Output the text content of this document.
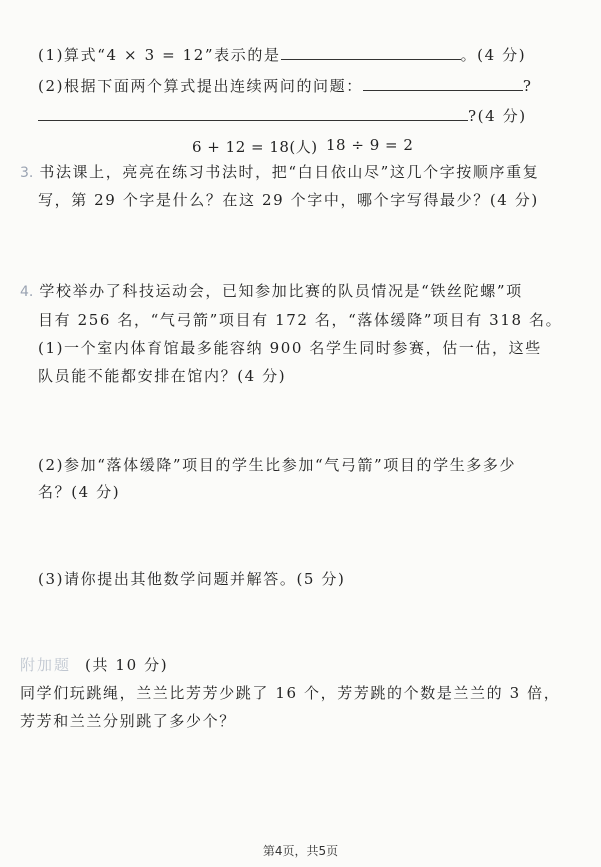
(1)算式“4 × 3 = 12”表示的是	。(4 分)
(2)根据下面两个算式提出连续两问的问题：	?
?(4 分)
6 + 12 = 18(人) 18 ÷ 9 = 2
3. 书法课上，亮亮在练习书法时，把“白日依山尽”这几个字按顺序重复
写，第 29 个字是什么？在这 29 个字中，哪个字写得最少？(4 分)
4. 学校举办了科技运动会，已知参加比赛的队员情况是“铁丝陀螺”项
目有 256 名，“气弓箭”项目有 172 名，“落体缓降”项目有 318 名。
(1)一个室内体育馆最多能容纳 900 名学生同时参赛，估一估，这些
队员能不能都安排在馆内？(4 分)
(2)参加“落体缓降”项目的学生比参加“气弓箭”项目的学生多多少
名？(4 分)
(3)请你提出其他数学问题并解答。(5 分)
附加题 (共 10 分)
同学们玩跳绳，兰兰比芳芳少跳了 16 个，芳芳跳的个数是兰兰的 3 倍，
芳芳和兰兰分别跳了多少个？
第4页，共5页
